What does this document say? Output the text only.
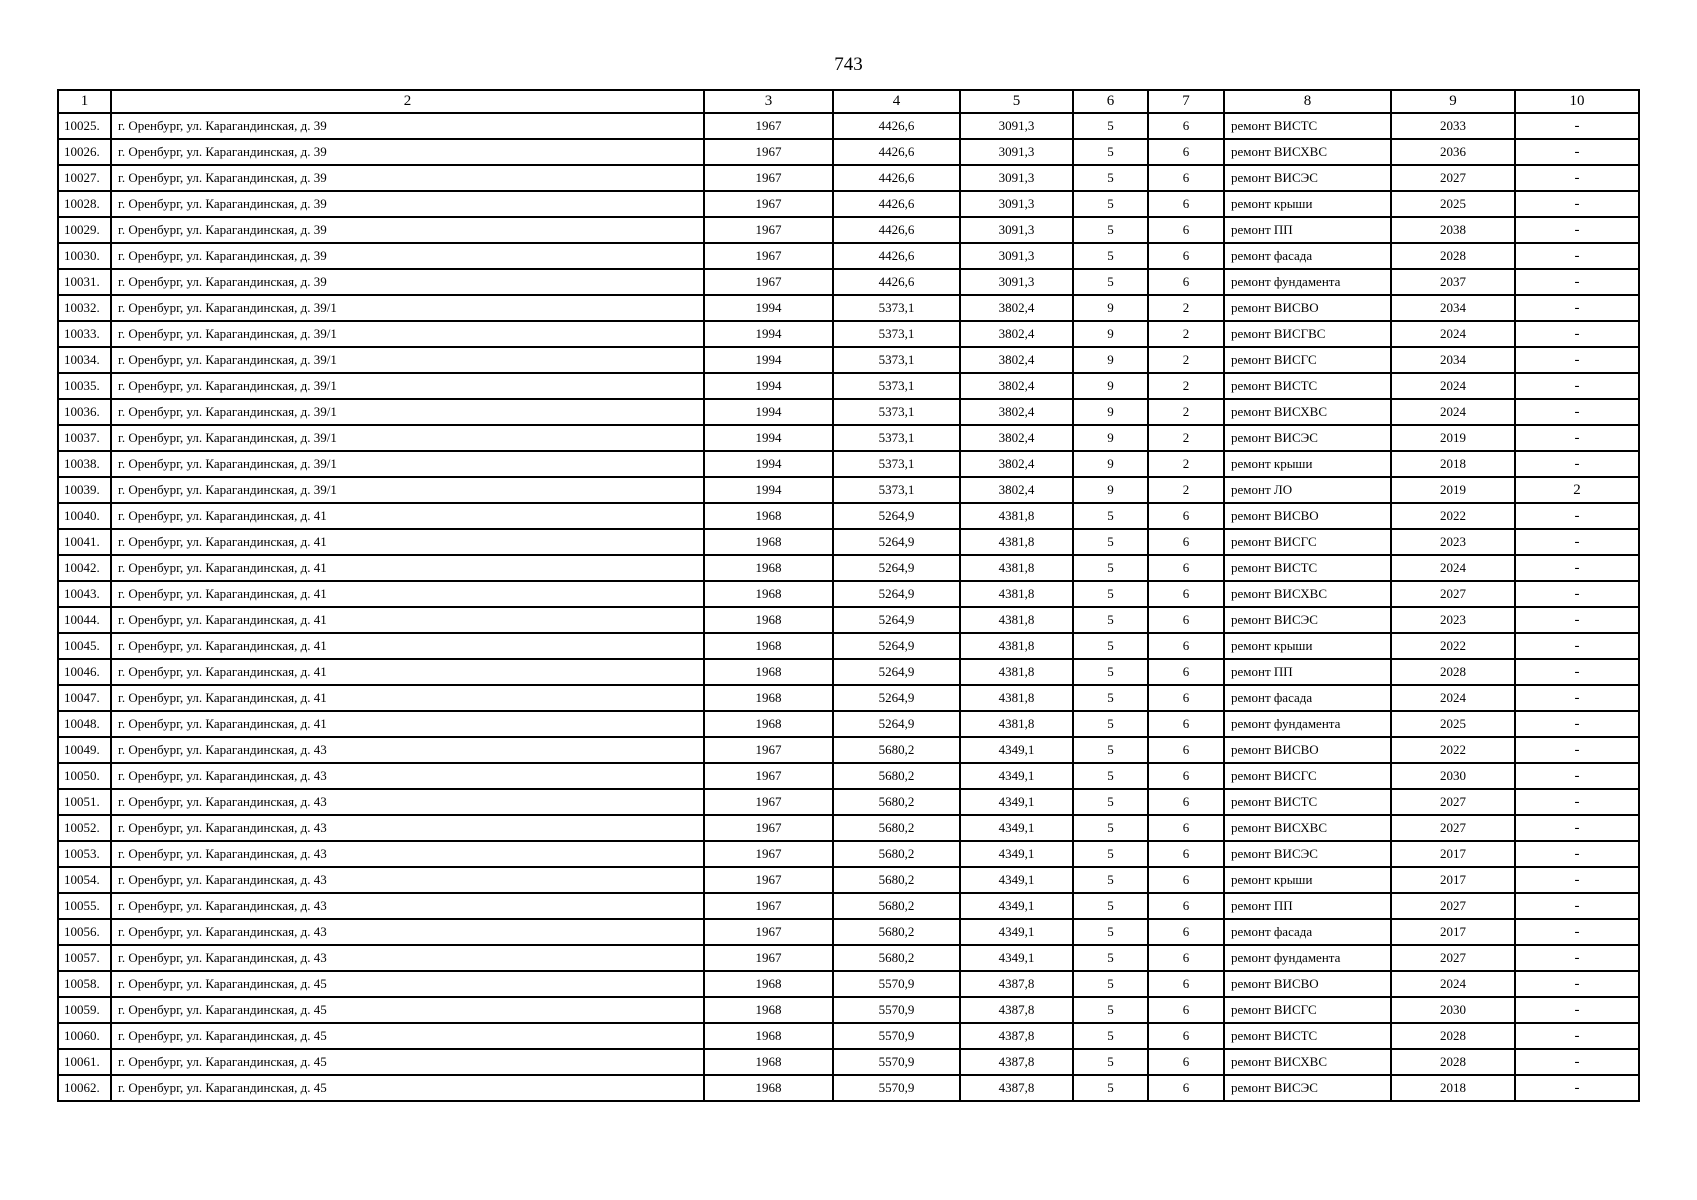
743
1	2	3	4	5	6	7	8	9	10
10025.	г. Оренбург, ул. Карагандинская, д. 39	1967	4426,6	3091,3	5	6	ремонт ВИСТС	2033	-
10026.	г. Оренбург, ул. Карагандинская, д. 39	1967	4426,6	3091,3	5	6	ремонт ВИСХВС	2036	-
10027.	г. Оренбург, ул. Карагандинская, д. 39	1967	4426,6	3091,3	5	6	ремонт ВИСЭС	2027	-
10028.	г. Оренбург, ул. Карагандинская, д. 39	1967	4426,6	3091,3	5	6	ремонт крыши	2025	-
10029.	г. Оренбург, ул. Карагандинская, д. 39	1967	4426,6	3091,3	5	6	ремонт ПП	2038	-
10030.	г. Оренбург, ул. Карагандинская, д. 39	1967	4426,6	3091,3	5	6	ремонт фасада	2028	-
10031.	г. Оренбург, ул. Карагандинская, д. 39	1967	4426,6	3091,3	5	6	ремонт фундамента	2037	-
10032.	г. Оренбург, ул. Карагандинская, д. 39/1	1994	5373,1	3802,4	9	2	ремонт ВИСВО	2034	-
10033.	г. Оренбург, ул. Карагандинская, д. 39/1	1994	5373,1	3802,4	9	2	ремонт ВИСГВС	2024	-
10034.	г. Оренбург, ул. Карагандинская, д. 39/1	1994	5373,1	3802,4	9	2	ремонт ВИСГС	2034	-
10035.	г. Оренбург, ул. Карагандинская, д. 39/1	1994	5373,1	3802,4	9	2	ремонт ВИСТС	2024	-
10036.	г. Оренбург, ул. Карагандинская, д. 39/1	1994	5373,1	3802,4	9	2	ремонт ВИСХВС	2024	-
10037.	г. Оренбург, ул. Карагандинская, д. 39/1	1994	5373,1	3802,4	9	2	ремонт ВИСЭС	2019	-
10038.	г. Оренбург, ул. Карагандинская, д. 39/1	1994	5373,1	3802,4	9	2	ремонт крыши	2018	-
10039.	г. Оренбург, ул. Карагандинская, д. 39/1	1994	5373,1	3802,4	9	2	ремонт ЛО	2019	2
10040.	г. Оренбург, ул. Карагандинская, д. 41	1968	5264,9	4381,8	5	6	ремонт ВИСВО	2022	-
10041.	г. Оренбург, ул. Карагандинская, д. 41	1968	5264,9	4381,8	5	6	ремонт ВИСГС	2023	-
10042.	г. Оренбург, ул. Карагандинская, д. 41	1968	5264,9	4381,8	5	6	ремонт ВИСТС	2024	-
10043.	г. Оренбург, ул. Карагандинская, д. 41	1968	5264,9	4381,8	5	6	ремонт ВИСХВС	2027	-
10044.	г. Оренбург, ул. Карагандинская, д. 41	1968	5264,9	4381,8	5	6	ремонт ВИСЭС	2023	-
10045.	г. Оренбург, ул. Карагандинская, д. 41	1968	5264,9	4381,8	5	6	ремонт крыши	2022	-
10046.	г. Оренбург, ул. Карагандинская, д. 41	1968	5264,9	4381,8	5	6	ремонт ПП	2028	-
10047.	г. Оренбург, ул. Карагандинская, д. 41	1968	5264,9	4381,8	5	6	ремонт фасада	2024	-
10048.	г. Оренбург, ул. Карагандинская, д. 41	1968	5264,9	4381,8	5	6	ремонт фундамента	2025	-
10049.	г. Оренбург, ул. Карагандинская, д. 43	1967	5680,2	4349,1	5	6	ремонт ВИСВО	2022	-
10050.	г. Оренбург, ул. Карагандинская, д. 43	1967	5680,2	4349,1	5	6	ремонт ВИСГС	2030	-
10051.	г. Оренбург, ул. Карагандинская, д. 43	1967	5680,2	4349,1	5	6	ремонт ВИСТС	2027	-
10052.	г. Оренбург, ул. Карагандинская, д. 43	1967	5680,2	4349,1	5	6	ремонт ВИСХВС	2027	-
10053.	г. Оренбург, ул. Карагандинская, д. 43	1967	5680,2	4349,1	5	6	ремонт ВИСЭС	2017	-
10054.	г. Оренбург, ул. Карагандинская, д. 43	1967	5680,2	4349,1	5	6	ремонт крыши	2017	-
10055.	г. Оренбург, ул. Карагандинская, д. 43	1967	5680,2	4349,1	5	6	ремонт ПП	2027	-
10056.	г. Оренбург, ул. Карагандинская, д. 43	1967	5680,2	4349,1	5	6	ремонт фасада	2017	-
10057.	г. Оренбург, ул. Карагандинская, д. 43	1967	5680,2	4349,1	5	6	ремонт фундамента	2027	-
10058.	г. Оренбург, ул. Карагандинская, д. 45	1968	5570,9	4387,8	5	6	ремонт ВИСВО	2024	-
10059.	г. Оренбург, ул. Карагандинская, д. 45	1968	5570,9	4387,8	5	6	ремонт ВИСГС	2030	-
10060.	г. Оренбург, ул. Карагандинская, д. 45	1968	5570,9	4387,8	5	6	ремонт ВИСТС	2028	-
10061.	г. Оренбург, ул. Карагандинская, д. 45	1968	5570,9	4387,8	5	6	ремонт ВИСХВС	2028	-
10062.	г. Оренбург, ул. Карагандинская, д. 45	1968	5570,9	4387,8	5	6	ремонт ВИСЭС	2018	-
